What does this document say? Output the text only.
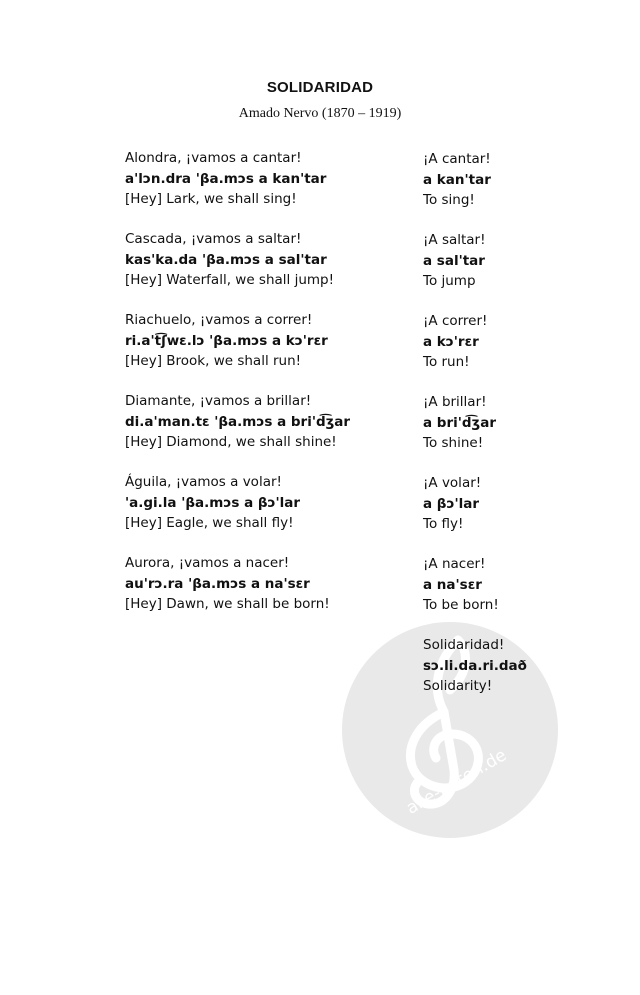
SOLIDARIDAD
Amado Nervo (1870 – 1919)
Alondra, ¡vamos a cantar!
a'lɔn.dra 'βa.mɔs a kan'tar
[Hey] Lark, we shall sing!
Cascada, ¡vamos a saltar!
kas'ka.da 'βa.mɔs a sal'tar
[Hey] Waterfall, we shall jump!
Riachuelo, ¡vamos a correr!
ri.a't͡ʃwɛ.lɔ 'βa.mɔs a kɔ'rɛr
[Hey] Brook, we shall run!
Diamante, ¡vamos a brillar!
di.a'man.tɛ 'βa.mɔs a bri'd͡ʒar
[Hey] Diamond, we shall shine!
Águila, ¡vamos a volar!
'a.gi.la 'βa.mɔs a βɔ'lar
[Hey] Eagle, we shall fly!
Aurora, ¡vamos a nacer!
au'rɔ.ra 'βa.mɔs a na'sɛr
[Hey] Dawn, we shall be born!
¡A cantar!
a kan'tar
To sing!
¡A saltar!
a sal'tar
To jump
¡A correr!
a kɔ'rɛr
To run!
¡A brillar!
a bri'd͡ʒar
To shine!
¡A volar!
a βɔ'lar
To fly!
¡A nacer!
a na'sɛr
To be born!
alle-noten.de
Solidaridad!
sɔ.li.da.ri.dað
Solidarity!
